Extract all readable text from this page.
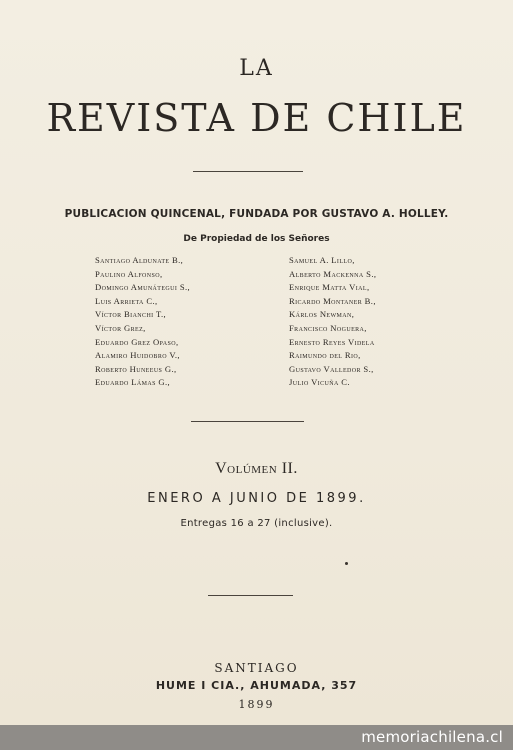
LA
REVISTA DE CHILE
PUBLICACION QUINCENAL, FUNDADA POR GUSTAVO A. HOLLEY.
De Propiedad de los Señores
Santiago Aldunate B.,
Paulino Alfonso,
Domingo Amunátegui S.,
Luis Arrieta C.,
Víctor Bianchi T.,
Víctor Grez,
Eduardo Grez Opaso,
Alamiro Huidobro V.,
Roberto Huneeus G.,
Eduardo Lámas G.,
Samuel A. Lillo,
Alberto Mackenna S.,
Enrique Matta Vial,
Ricardo Montaner B.,
Kárlos Newman,
Francisco Noguera,
Ernesto Reyes Videla
Raimundo del Rio,
Gustavo Valledor S.,
Julio Vicuña C.
Volúmen II.
ENERO A JUNIO DE 1899.
Entregas 16 a 27 (inclusive).
SANTIAGO
HUME I CIA., AHUMADA, 357
1899
memoriachilena.cl
